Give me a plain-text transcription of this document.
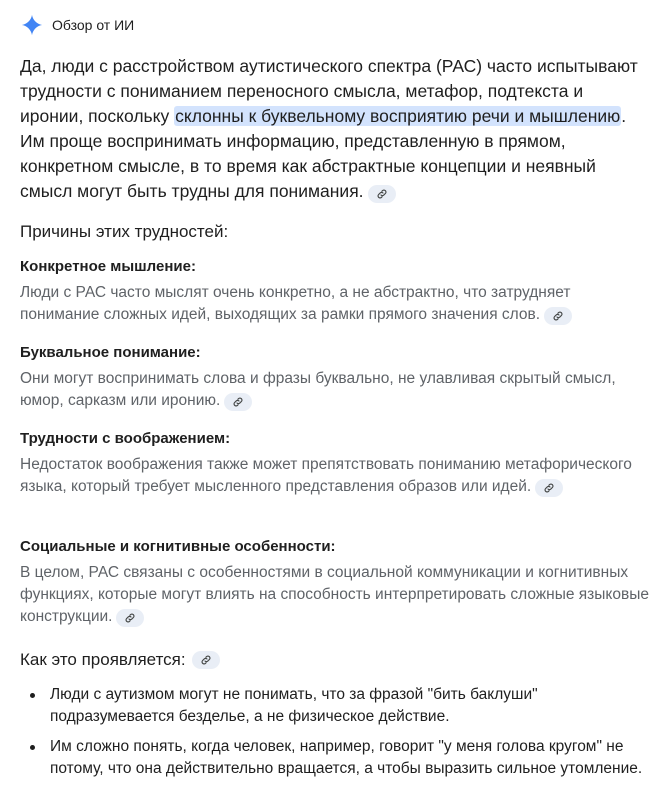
Обзор от ИИ
Да, люди с расстройством аутистического спектра (РАС) часто испытывают трудности с пониманием переносного смысла, метафор, подтекста и иронии, поскольку склонны к буквельному восприятию речи и мышлению. Им проще воспринимать информацию, представленную в прямом, конкретном смысле, в то время как абстрактные концепции и неявный смысл могут быть трудны для понимания.
Причины этих трудностей:
Конкретное мышление:
Люди с РАС часто мыслят очень конкретно, а не абстрактно, что затрудняет понимание сложных идей, выходящих за рамки прямого значения слов.
Буквальное понимание:
Они могут воспринимать слова и фразы буквально, не улавливая скрытый смысл, юмор, сарказм или иронию.
Трудности с воображением:
Недостаток воображения также может препятствовать пониманию метафорического языка, который требует мысленного представления образов или идей.
Социальные и когнитивные особенности:
В целом, РАС связаны с особенностями в социальной коммуникации и когнитивных функциях, которые могут влиять на способность интерпретировать сложные языковые конструкции.
Как это проявляется:
Люди с аутизмом могут не понимать, что за фразой "бить баклуши" подразумевается безделье, а не физическое действие.
Им сложно понять, когда человек, например, говорит "у меня голова кругом" не потому, что она действительно вращается, а чтобы выразить сильное утомление.
